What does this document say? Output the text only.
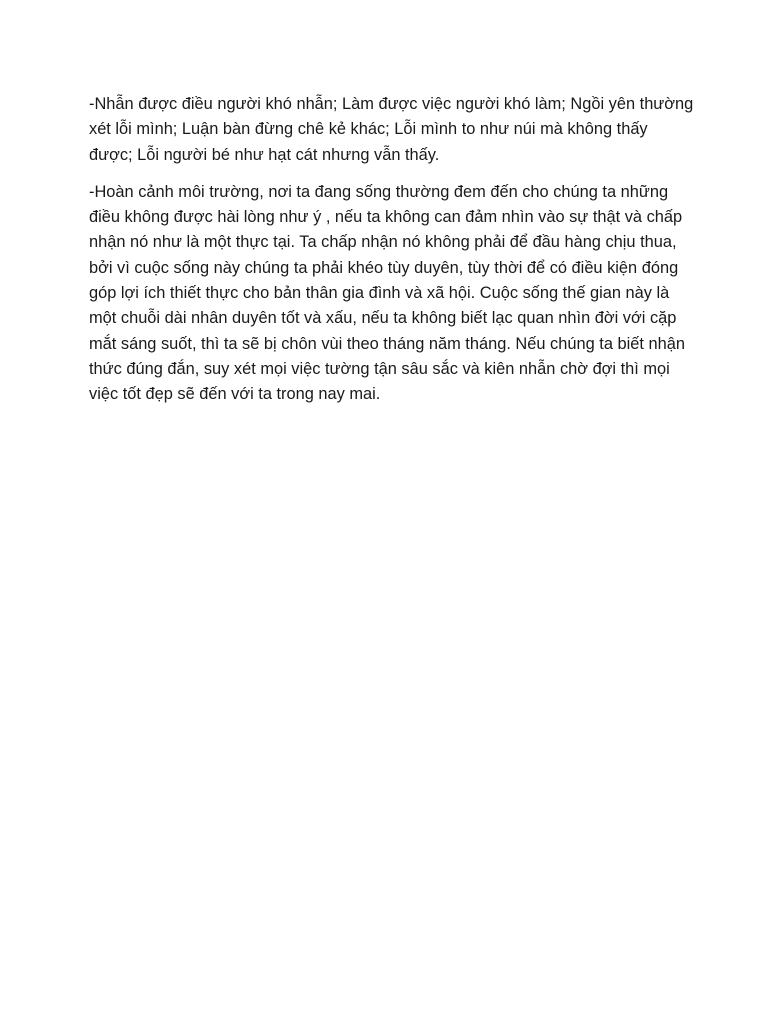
-Nhẫn được điều người khó nhẫn; Làm được việc người khó làm; Ngồi yên thường
xét lỗi mình; Luận bàn đừng chê kẻ khác; Lỗi mình to như núi mà không thấy
được; Lỗi người bé như hạt cát nhưng vẫn thấy.

-Hoàn cảnh môi trường, nơi ta đang sống thường đem đến cho chúng ta những
điều không được hài lòng như ý , nếu ta không can đảm nhìn vào sự thật và chấp
nhận nó như là một thực tại. Ta chấp nhận nó không phải để đầu hàng chịu thua,
bởi vì cuộc sống này chúng ta phải khéo tùy duyên, tùy thời để có điều kiện đóng
góp lợi ích thiết thực cho bản thân gia đình và xã hội. Cuộc sống thế gian này là
một chuỗi dài nhân duyên tốt và xấu, nếu ta không biết lạc quan nhìn đời với cặp
mắt sáng suốt, thì ta sẽ bị chôn vùi theo tháng năm tháng. Nếu chúng ta biết nhận
thức đúng đắn, suy xét mọi việc tường tận sâu sắc và kiên nhẫn chờ đợi thì mọi
việc tốt đẹp sẽ đến với ta trong nay mai.
